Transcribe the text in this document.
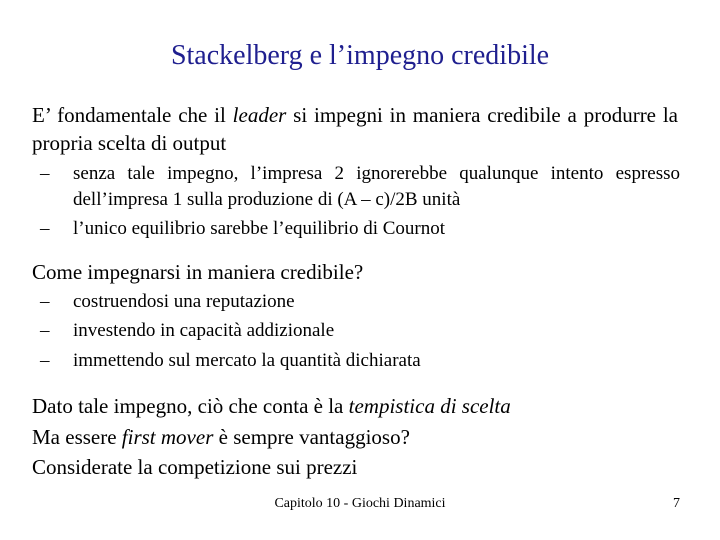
Stackelberg e l’impegno credibile
E’ fondamentale che il leader si impegni in maniera credibile a produrre la propria scelta di output
– senza tale impegno, l’impresa 2 ignorerebbe qualunque intento espresso dell’impresa 1 sulla produzione di (A – c)/2B unità
– l’unico equilibrio sarebbe l’equilibrio di Cournot
Come impegnarsi in maniera credibile?
– costruendosi una reputazione
– investendo in capacità addizionale
– immettendo sul mercato la quantità dichiarata
Dato tale impegno, ciò che conta è la tempistica di scelta
Ma essere first mover è sempre vantaggioso?
Considerate la competizione sui prezzi
Capitolo 10 - Giochi Dinamici	7
